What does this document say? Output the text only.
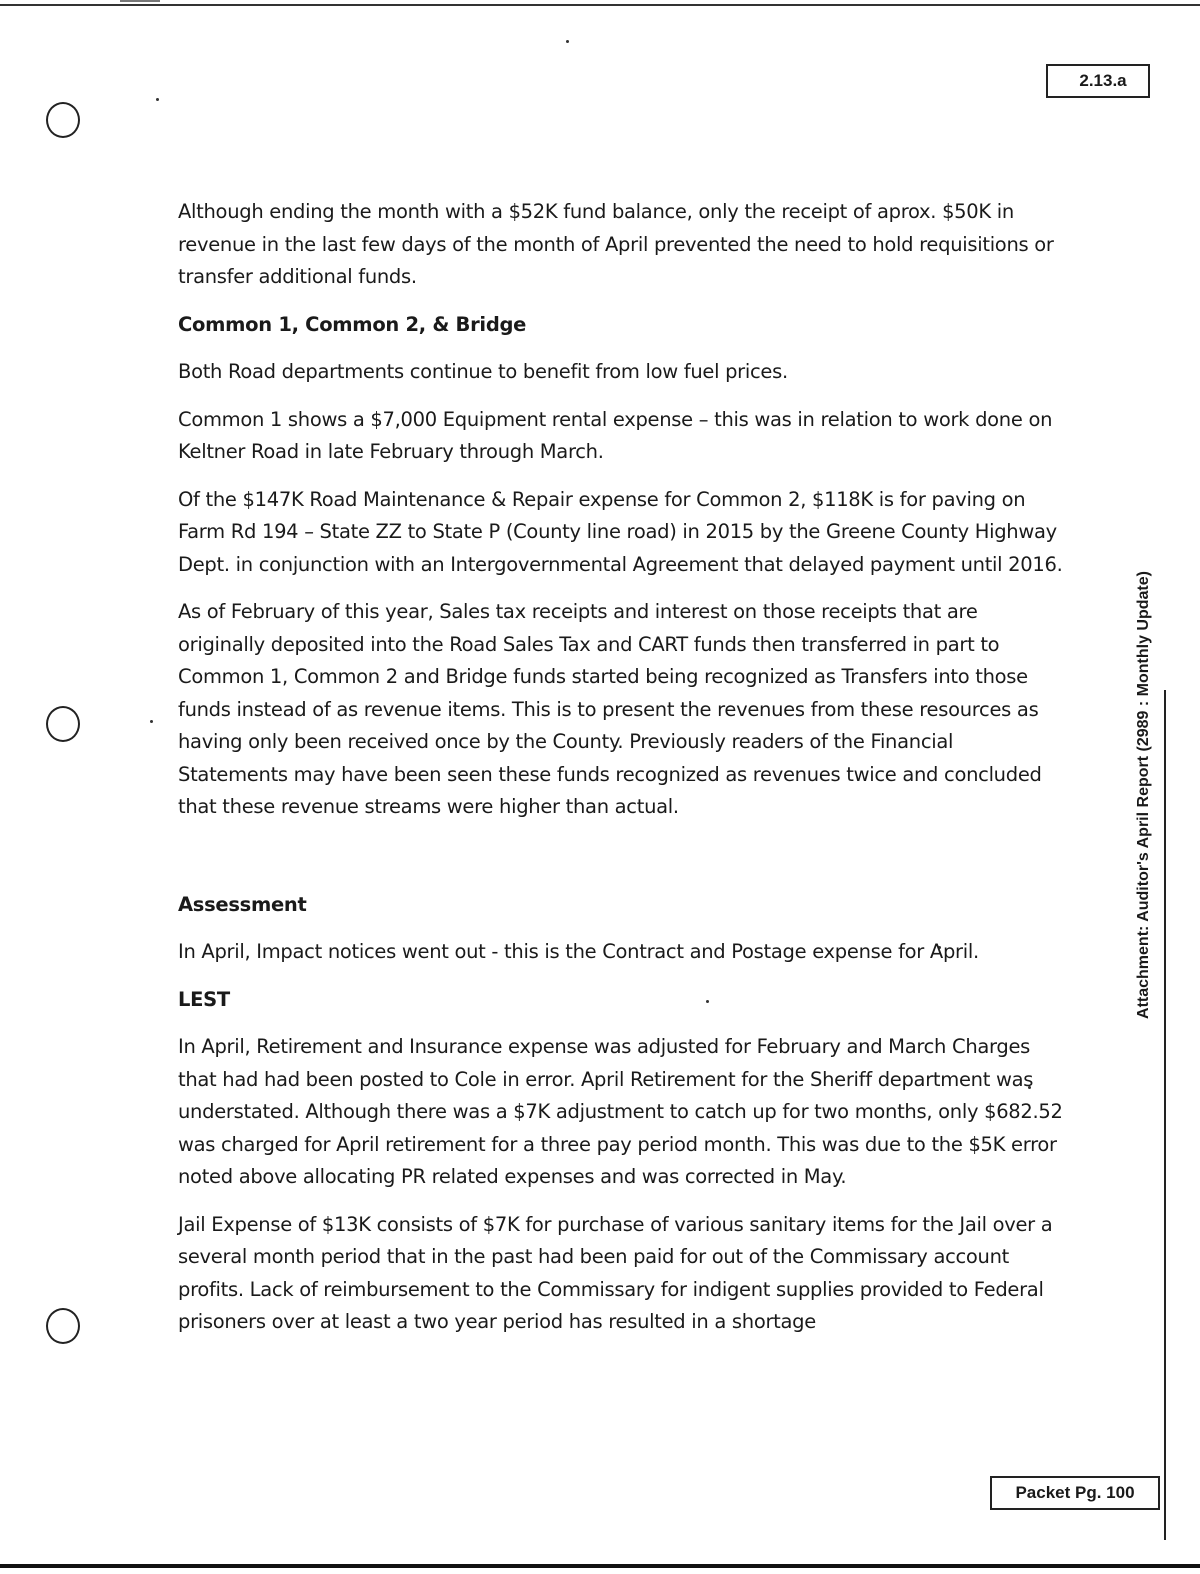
2.13.a

Although ending the month with a $52K fund balance, only the receipt of aprox. $50K in revenue in the last few days of the month of April prevented the need to hold requisitions or transfer additional funds.

Common 1, Common 2, & Bridge

Both Road departments continue to benefit from low fuel prices.

Common 1 shows a $7,000 Equipment rental expense – this was in relation to work done on Keltner Road in late February through March.

Of the $147K Road Maintenance & Repair expense for Common 2, $118K is for paving on Farm Rd 194 – State ZZ to State P (County line road) in 2015 by the Greene County Highway Dept. in conjunction with an Intergovernmental Agreement that delayed payment until 2016.

As of February of this year, Sales tax receipts and interest on those receipts that are originally deposited into the Road Sales Tax and CART funds then transferred in part to Common 1, Common 2 and Bridge funds started being recognized as Transfers into those funds instead of as revenue items. This is to present the revenues from these resources as having only been received once by the County. Previously readers of the Financial Statements may have been seen these funds recognized as revenues twice and concluded that these revenue streams were higher than actual.

Assessment

In April, Impact notices went out - this is the Contract and Postage expense for April.

LEST

In April, Retirement and Insurance expense was adjusted for February and March Charges that had had been posted to Cole in error. April Retirement for the Sheriff department was understated. Although there was a $7K adjustment to catch up for two months, only $682.52 was charged for April retirement for a three pay period month. This was due to the $5K error noted above allocating PR related expenses and was corrected in May.

Jail Expense of $13K consists of $7K for purchase of various sanitary items for the Jail over a several month period that in the past had been paid for out of the Commissary account profits. Lack of reimbursement to the Commissary for indigent supplies provided to Federal prisoners over at least a two year period has resulted in a shortage

Attachment: Auditor's April Report (2989 : Monthly Update)
Packet Pg. 100
